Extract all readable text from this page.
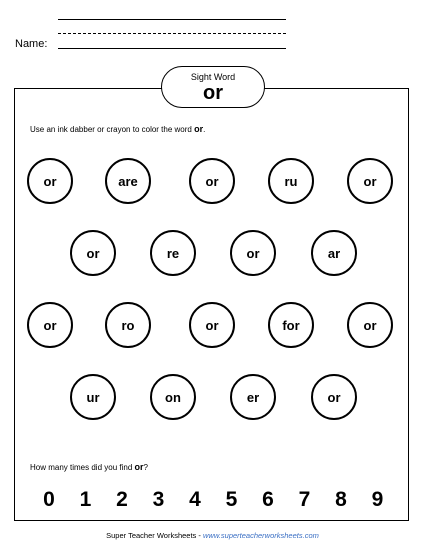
Name:
Sight Word
or
Use an ink dabber or crayon to color the word or.
or	are	or	ru	or
or	re	or	ar
or	ro	or	for	or
ur	on	er	or
How many times did you find or?
0 1 2 3 4 5 6 7 8 9
Super Teacher Worksheets - www.superteacherworksheets.com
